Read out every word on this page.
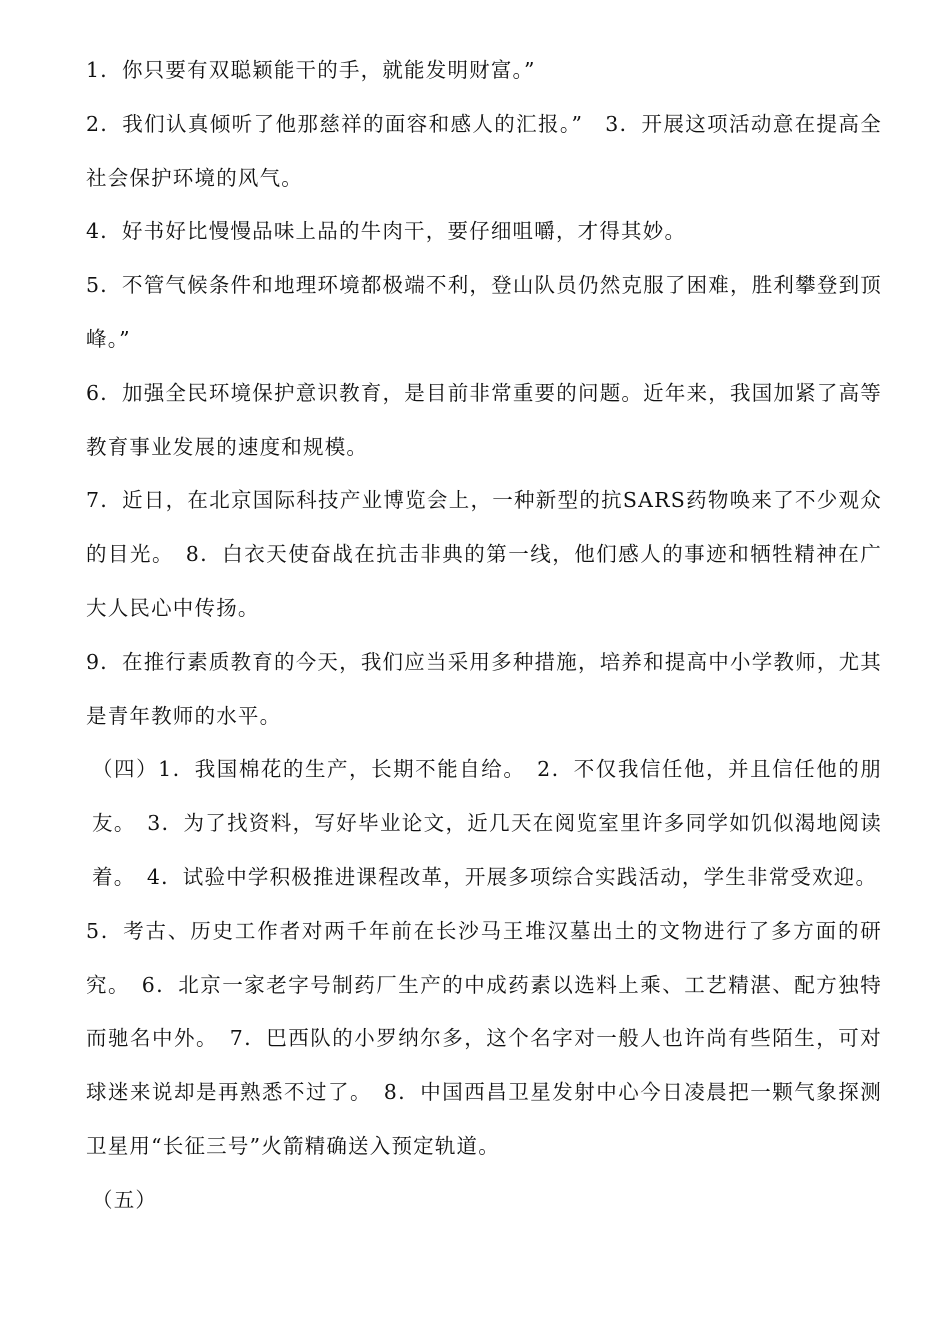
1．你只要有双聪颖能干的手，就能发明财富。”

2．我们认真倾听了他那慈祥的面容和感人的汇报。”　3．开展这项活动意在提高全社会保护环境的风气。

4．好书好比慢慢品味上品的牛肉干，要仔细咀嚼，才得其妙。

5．不管气候条件和地理环境都极端不利，登山队员仍然克服了困难，胜利攀登到顶峰。”

6．加强全民环境保护意识教育，是目前非常重要的问题。近年来，我国加紧了高等教育事业发展的速度和规模。

7．近日，在北京国际科技产业博览会上，一种新型的抗SARS药物唤来了不少观众的目光。　8．白衣天使奋战在抗击非典的第一线，他们感人的事迹和牺牲精神在广大人民心中传扬。

9．在推行素质教育的今天，我们应当采用多种措施，培养和提高中小学教师，尤其是青年教师的水平。

（四）1．我国棉花的生产，长期不能自给。　2．不仅我信任他，并且信任他的朋友。　3．为了找资料，写好毕业论文，近几天在阅览室里许多同学如饥似渴地阅读着。　4．试验中学积极推进课程改革，开展多项综合实践活动，学生非常受欢迎。

5．考古、历史工作者对两千年前在长沙马王堆汉墓出土的文物进行了多方面的研究。　6．北京一家老字号制药厂生产的中成药素以选料上乘、工艺精湛、配方独特而驰名中外。　7．巴西队的小罗纳尔多，这个名字对一般人也许尚有些陌生，可对球迷来说却是再熟悉不过了。　8．中国西昌卫星发射中心今日凌晨把一颗气象探测卫星用“长征三号”火箭精确送入预定轨道。

（五）
